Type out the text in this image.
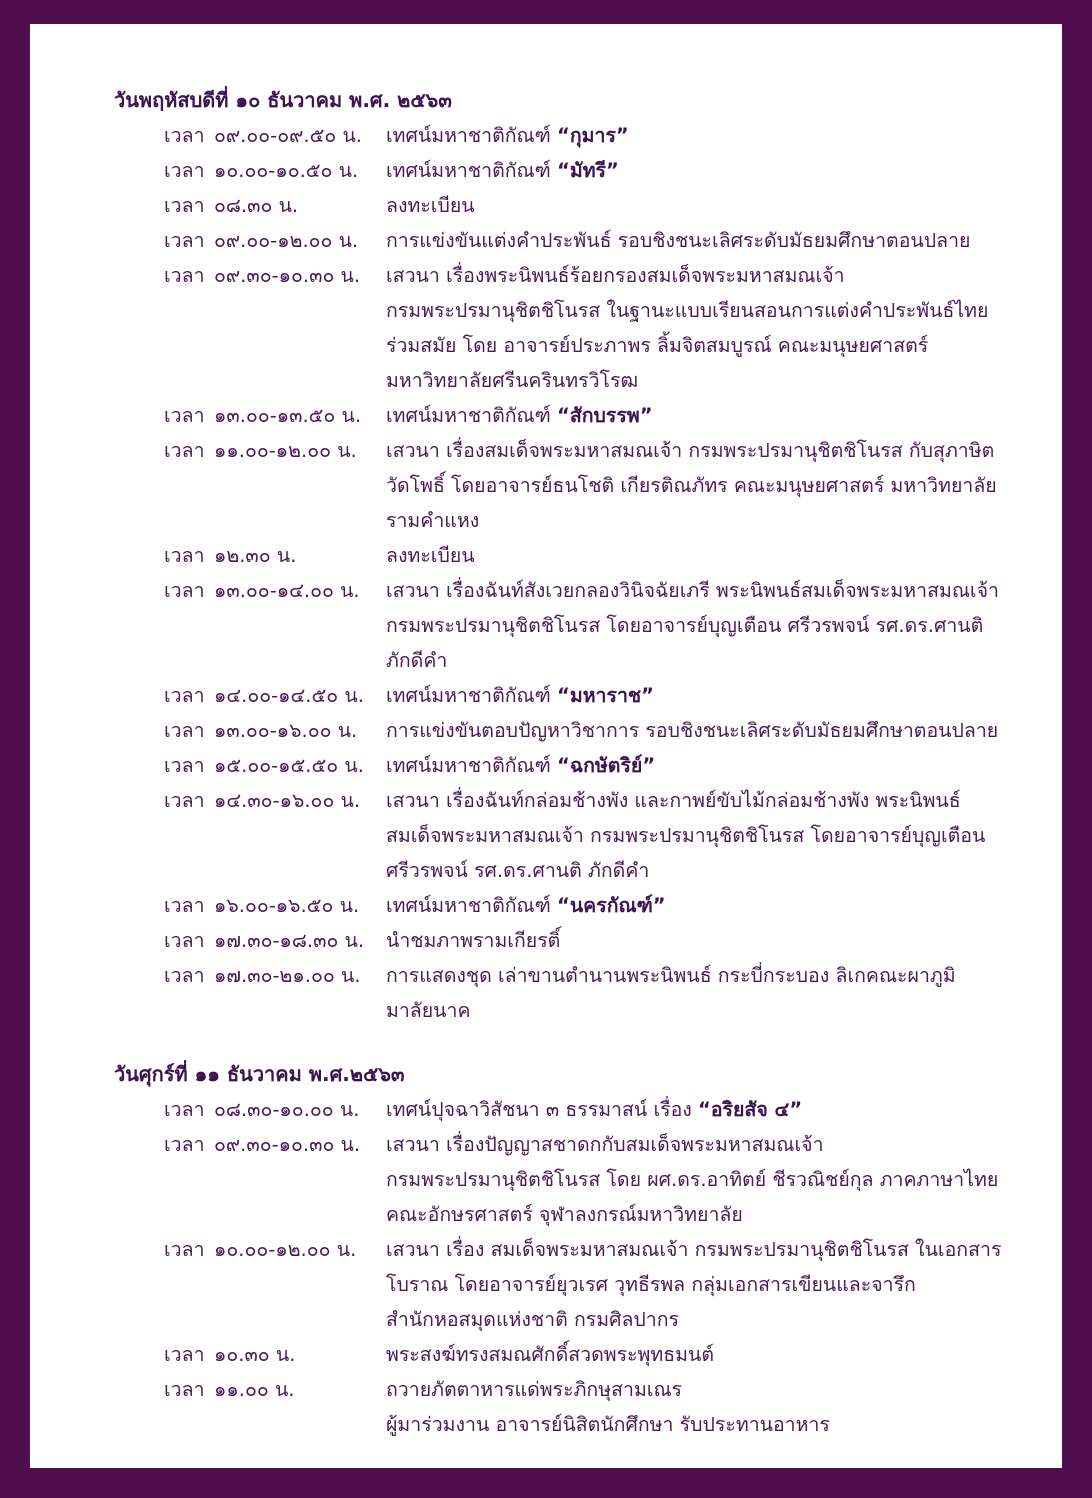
วันพฤหัสบดีที่ ๑๐ ธันวาคม พ.ศ. ๒๕๖๓
เวลา ๐๙.๐๐-๐๙.๕๐ น.	เทศน์มหาชาติกัณฑ์ “กุมาร”
เวลา ๑๐.๐๐-๑๐.๕๐ น.	เทศน์มหาชาติกัณฑ์ “มัทรี”
เวลา ๐๘.๓๐ น.	ลงทะเบียน
เวลา ๐๙.๐๐-๑๒.๐๐ น.	การแข่งขันแต่งคำประพันธ์ รอบชิงชนะเลิศระดับมัธยมศึกษาตอนปลาย
เวลา ๐๙.๓๐-๑๐.๓๐ น.	เสวนา เรื่องพระนิพนธ์ร้อยกรองสมเด็จพระมหาสมณเจ้า
กรมพระปรมานุชิตชิโนรส ในฐานะแบบเรียนสอนการแต่งคำประพันธ์ไทย
ร่วมสมัย โดย อาจารย์ประภาพร ลิ้มจิตสมบูรณ์ คณะมนุษยศาสตร์
มหาวิทยาลัยศรีนครินทรวิโรฒ
เวลา ๑๓.๐๐-๑๓.๕๐ น.	เทศน์มหาชาติกัณฑ์ “สักบรรพ”
เวลา ๑๑.๐๐-๑๒.๐๐ น.	เสวนา เรื่องสมเด็จพระมหาสมณเจ้า กรมพระปรมานุชิตชิโนรส กับสุภาษิต
วัดโพธิ์ โดยอาจารย์ธนโชติ เกียรติณภัทร คณะมนุษยศาสตร์ มหาวิทยาลัย
รามคำแหง
เวลา ๑๒.๓๐ น.	ลงทะเบียน
เวลา ๑๓.๐๐-๑๔.๐๐ น.	เสวนา เรื่องฉันท์สังเวยกลองวินิจฉัยเภรี พระนิพนธ์สมเด็จพระมหาสมณเจ้า
กรมพระปรมานุชิตชิโนรส โดยอาจารย์บุญเตือน ศรีวรพจน์ รศ.ดร.ศานติ
ภักดีคำ
เวลา ๑๔.๐๐-๑๔.๕๐ น.	เทศน์มหาชาติกัณฑ์ “มหาราช”
เวลา ๑๓.๐๐-๑๖.๐๐ น.	การแข่งขันตอบปัญหาวิชาการ รอบชิงชนะเลิศระดับมัธยมศึกษาตอนปลาย
เวลา ๑๕.๐๐-๑๕.๕๐ น.	เทศน์มหาชาติกัณฑ์ “ฉกษัตริย์”
เวลา ๑๔.๓๐-๑๖.๐๐ น.	เสวนา เรื่องฉันท์กล่อมช้างพัง และกาพย์ขับไม้กล่อมช้างพัง พระนิพนธ์
สมเด็จพระมหาสมณเจ้า กรมพระปรมานุชิตชิโนรส โดยอาจารย์บุญเตือน
ศรีวรพจน์ รศ.ดร.ศานติ ภักดีคำ
เวลา ๑๖.๐๐-๑๖.๕๐ น.	เทศน์มหาชาติกัณฑ์ “นครกัณฑ์”
เวลา ๑๗.๓๐-๑๘.๓๐ น.	นำชมภาพรามเกียรติ์
เวลา ๑๗.๓๐-๒๑.๐๐ น.	การแสดงชุด เล่าขานตำนานพระนิพนธ์ กระบี่กระบอง ลิเกคณะผาภูมิ
มาลัยนาค
วันศุกร์ที่ ๑๑ ธันวาคม พ.ศ.๒๕๖๓
เวลา ๐๘.๓๐-๑๐.๐๐ น.	เทศน์ปุจฉาวิสัชนา ๓ ธรรมาสน์ เรื่อง “อริยสัจ ๔”
เวลา ๐๙.๓๐-๑๐.๓๐ น.	เสวนา เรื่องปัญญาสชาดกกับสมเด็จพระมหาสมณเจ้า
กรมพระปรมานุชิตชิโนรส โดย ผศ.ดร.อาทิตย์ ชีรวณิชย์กุล ภาคภาษาไทย
คณะอักษรศาสตร์ จุฬาลงกรณ์มหาวิทยาลัย
เวลา ๑๐.๐๐-๑๒.๐๐ น.	เสวนา เรื่อง สมเด็จพระมหาสมณเจ้า กรมพระปรมานุชิตชิโนรส ในเอกสาร
โบราณ โดยอาจารย์ยุวเรศ วุทธีรพล กลุ่มเอกสารเขียนและจารึก
สำนักหอสมุดแห่งชาติ กรมศิลปากร
เวลา ๑๐.๓๐ น.	พระสงฆ์ทรงสมณศักดิ์สวดพระพุทธมนต์
เวลา ๑๑.๐๐ น.	ถวายภัตตาหารแด่พระภิกษุสามเณร
ผู้มาร่วมงาน อาจารย์นิสิตนักศึกษา รับประทานอาหาร
